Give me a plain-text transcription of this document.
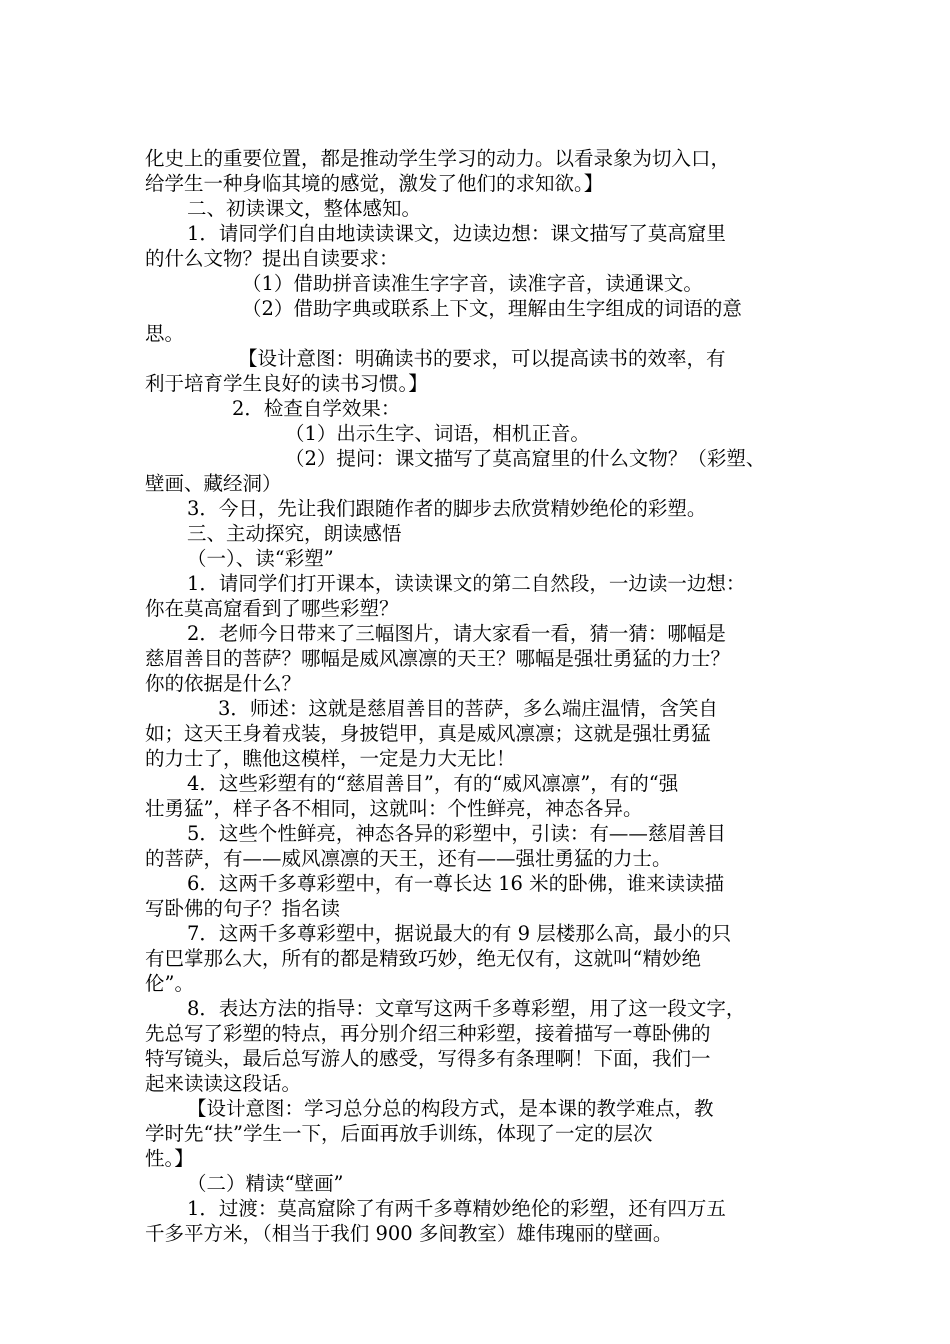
化史上的重要位置，都是推动学生学习的动力。以看录象为切入口，
给学生一种身临其境的感觉，激发了他们的求知欲。】
二、初读课文，整体感知。
1．请同学们自由地读读课文，边读边想：课文描写了莫高窟里
的什么文物？提出自读要求：
（1）借助拼音读准生字字音，读准字音，读通课文。
（2）借助字典或联系上下文，理解由生字组成的词语的意
思。
【设计意图：明确读书的要求，可以提高读书的效率，有
利于培育学生良好的读书习惯。】
2．检查自学效果：
（1）出示生字、词语，相机正音。
（2）提问：课文描写了莫高窟里的什么文物？（彩塑、
壁画、藏经洞）
3．今日，先让我们跟随作者的脚步去欣赏精妙绝伦的彩塑。
三、主动探究，朗读感悟
（一）、读“彩塑”
1．请同学们打开课本，读读课文的第二自然段，一边读一边想：
你在莫高窟看到了哪些彩塑？
2．老师今日带来了三幅图片，请大家看一看，猜一猜：哪幅是
慈眉善目的菩萨？哪幅是威风凛凛的天王？哪幅是强壮勇猛的力士？
你的依据是什么？
3．师述：这就是慈眉善目的菩萨，多么端庄温情，含笑自
如；这天王身着戎装，身披铠甲，真是威风凛凛；这就是强壮勇猛
的力士了，瞧他这模样，一定是力大无比！
4．这些彩塑有的“慈眉善目”，有的“威风凛凛”，有的“强
壮勇猛”，样子各不相同，这就叫：个性鲜亮，神态各异。
5．这些个性鲜亮，神态各异的彩塑中，引读：有——慈眉善目
的菩萨，有——威风凛凛的天王，还有——强壮勇猛的力士。
6．这两千多尊彩塑中，有一尊长达 16 米的卧佛，谁来读读描
写卧佛的句子？指名读
7．这两千多尊彩塑中，据说最大的有 9 层楼那么高，最小的只
有巴掌那么大，所有的都是精致巧妙，绝无仅有，这就叫“精妙绝
伦”。
8．表达方法的指导：文章写这两千多尊彩塑，用了这一段文字，
先总写了彩塑的特点，再分别介绍三种彩塑，接着描写一尊卧佛的
特写镜头，最后总写游人的感受，写得多有条理啊！下面，我们一
起来读读这段话。
【设计意图：学习总分总的构段方式，是本课的教学难点，教
学时先“扶”学生一下，后面再放手训练，体现了一定的层次
性。】
（二）精读“壁画”
1．过渡：莫高窟除了有两千多尊精妙绝伦的彩塑，还有四万五
千多平方米，（相当于我们 900 多间教室）雄伟瑰丽的壁画。
